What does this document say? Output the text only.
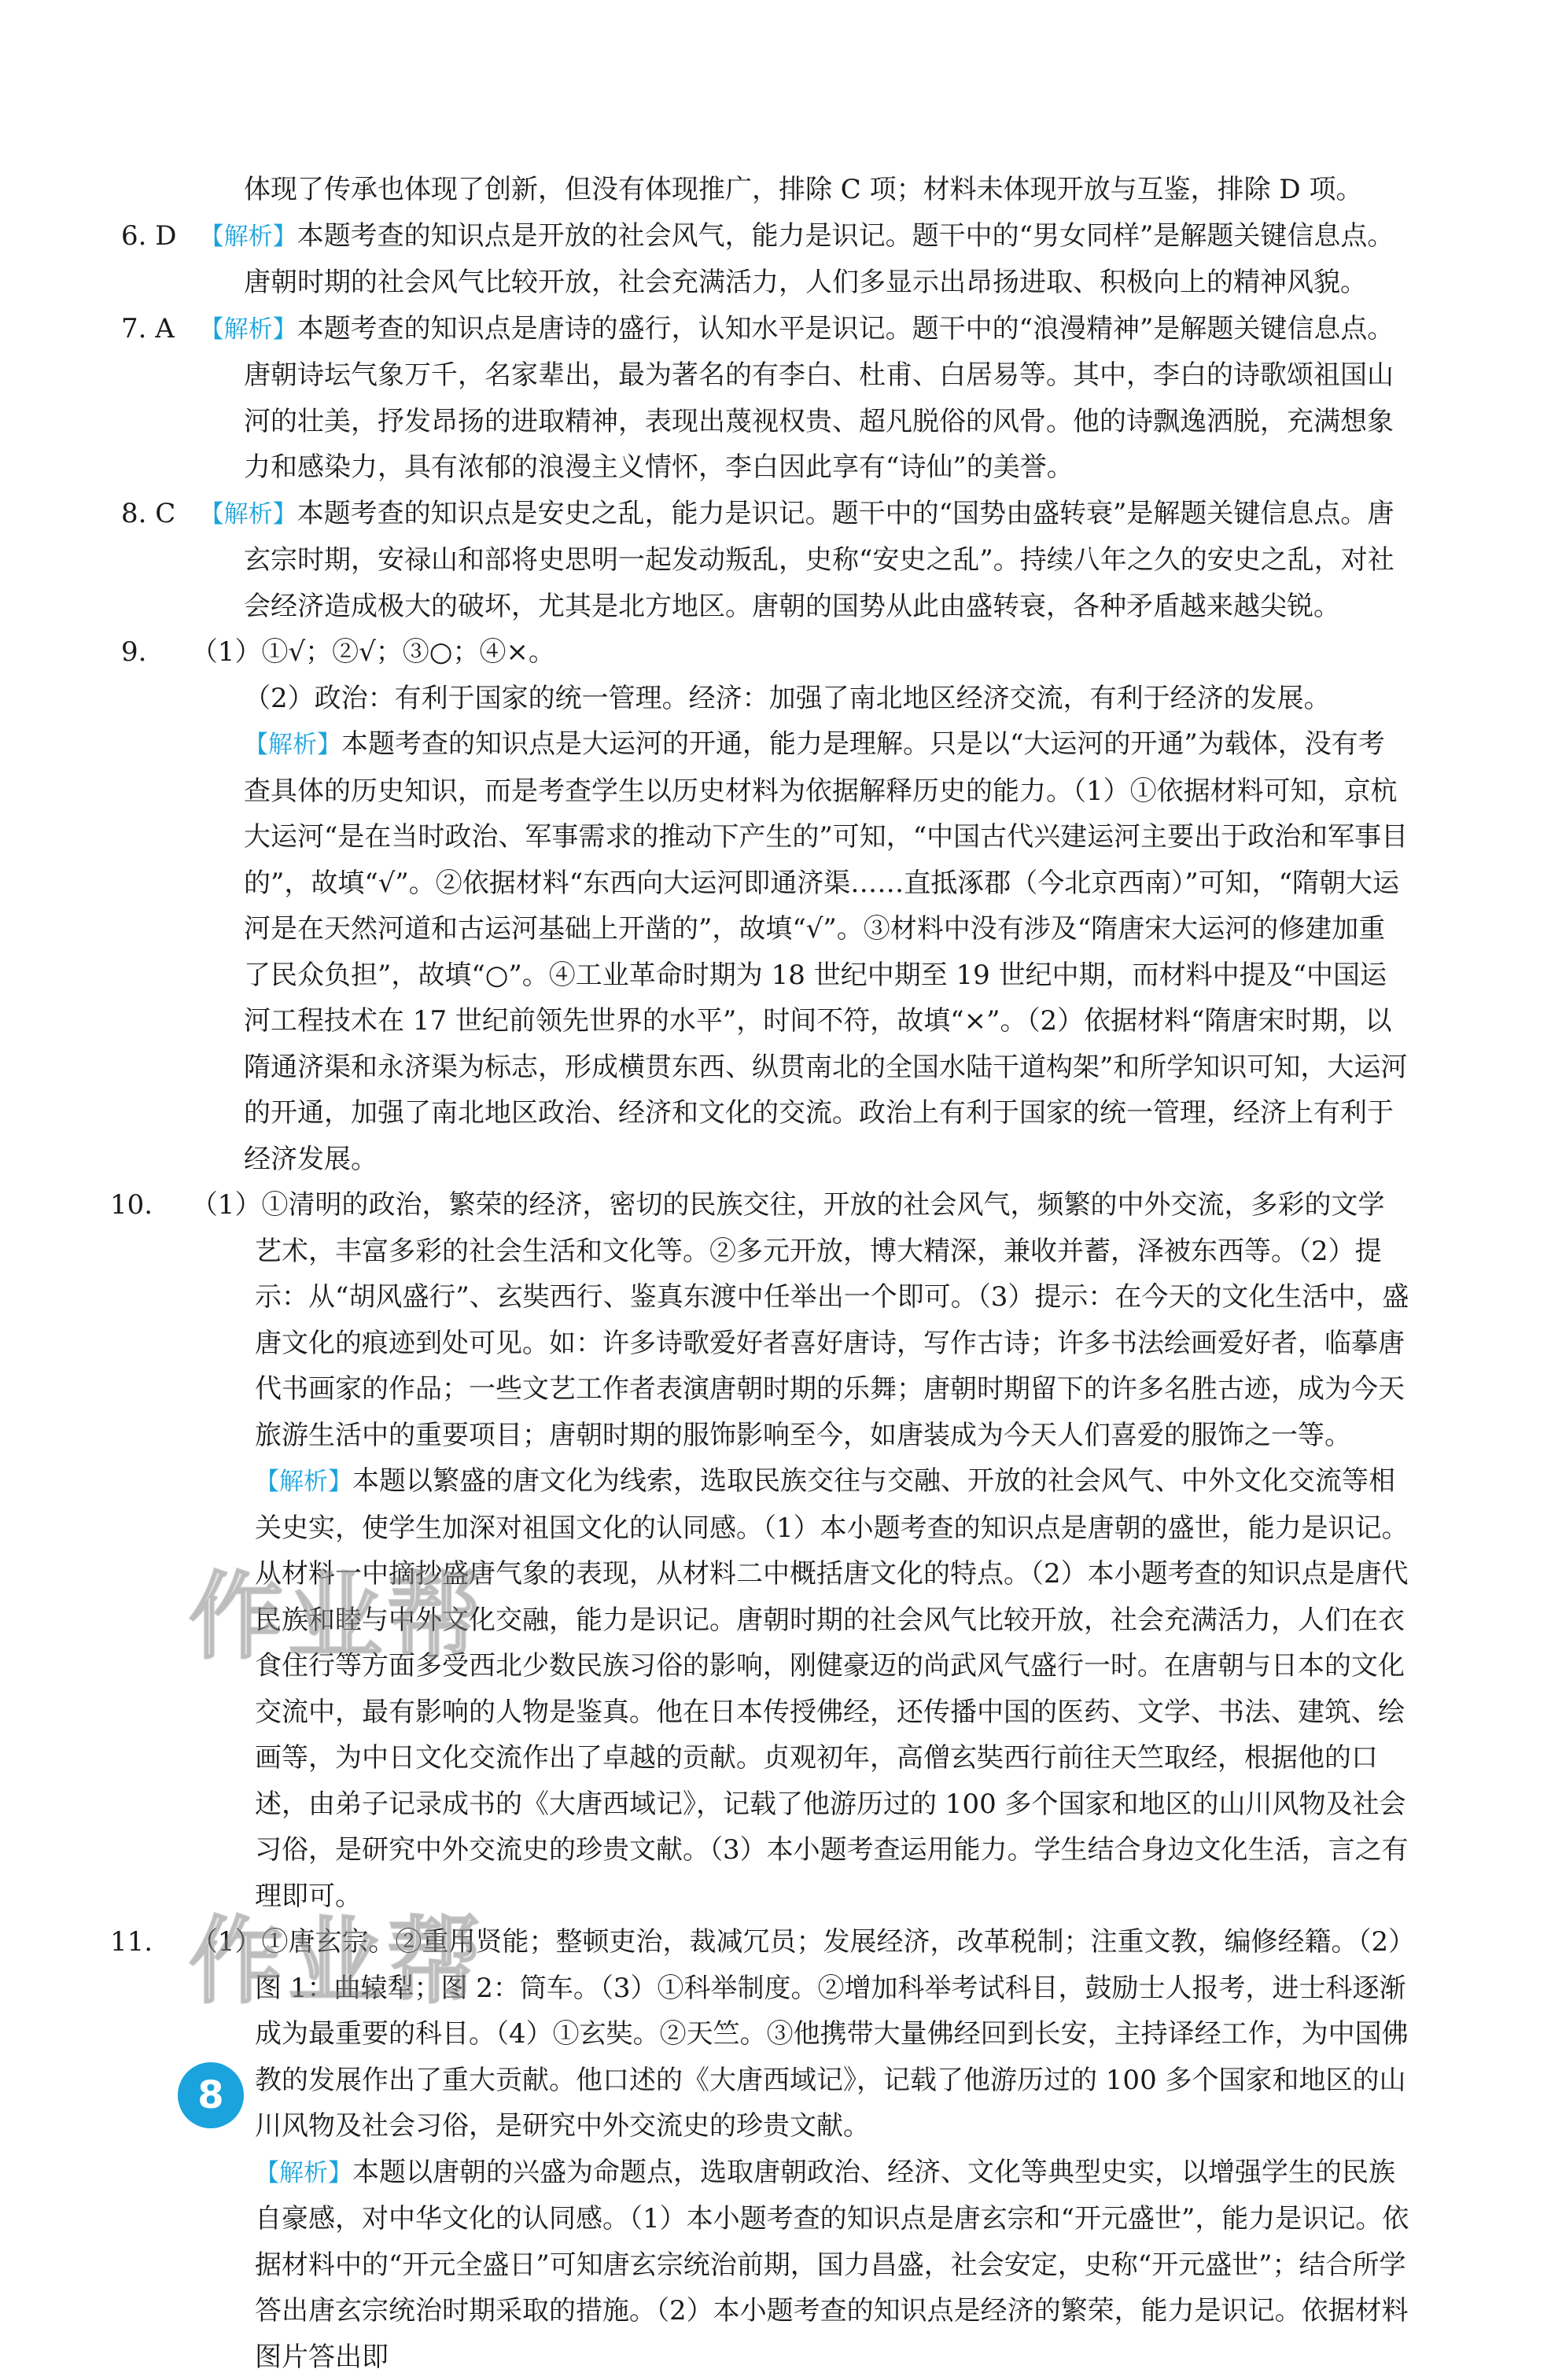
体现了传承也体现了创新，但没有体现推广，排除 C 项；材料未体现开放与互鉴，排除 D 项。

6. D 【解析】本题考查的知识点是开放的社会风气，能力是识记。题干中的“男女同样”是解题关键信息点。唐朝时期的社会风气比较开放，社会充满活力，人们多显示出昂扬进取、积极向上的精神风貌。

7. A 【解析】本题考查的知识点是唐诗的盛行，认知水平是识记。题干中的“浪漫精神”是解题关键信息点。唐朝诗坛气象万千，名家辈出，最为著名的有李白、杜甫、白居易等。其中，李白的诗歌颂祖国山河的壮美，抒发昂扬的进取精神，表现出蔑视权贵、超凡脱俗的风骨。他的诗飘逸洒脱，充满想象力和感染力，具有浓郁的浪漫主义情怀，李白因此享有“诗仙”的美誉。

8. C 【解析】本题考查的知识点是安史之乱，能力是识记。题干中的“国势由盛转衰”是解题关键信息点。唐玄宗时期，安禄山和部将史思明一起发动叛乱，史称“安史之乱”。持续八年之久的安史之乱，对社会经济造成极大的破坏，尤其是北方地区。唐朝的国势从此由盛转衰，各种矛盾越来越尖锐。

9. （1）①√；②√；③○；④×。

（2）政治：有利于国家的统一管理。经济：加强了南北地区经济交流，有利于经济的发展。

【解析】本题考查的知识点是大运河的开通，能力是理解。只是以“大运河的开通”为载体，没有考查具体的历史知识，而是考查学生以历史材料为依据解释历史的能力。（1）①依据材料可知，京杭大运河“是在当时政治、军事需求的推动下产生的”可知，“中国古代兴建运河主要出于政治和军事目的”，故填“√”。②依据材料“东西向大运河即通济渠……直抵涿郡（今北京西南）”可知，“隋朝大运河是在天然河道和古运河基础上开凿的”，故填“√”。③材料中没有涉及“隋唐宋大运河的修建加重了民众负担”，故填“○”。④工业革命时期为 18 世纪中期至 19 世纪中期，而材料中提及“中国运河工程技术在 17 世纪前领先世界的水平”，时间不符，故填“×”。（2）依据材料“隋唐宋时期，以隋通济渠和永济渠为标志，形成横贯东西、纵贯南北的全国水陆干道构架”和所学知识可知，大运河的开通，加强了南北地区政治、经济和文化的交流。政治上有利于国家的统一管理，经济上有利于经济发展。

10. （1）①清明的政治，繁荣的经济，密切的民族交往，开放的社会风气，频繁的中外交流，多彩的文学艺术，丰富多彩的社会生活和文化等。②多元开放，博大精深，兼收并蓄，泽被东西等。（2）提示：从“胡风盛行”、玄奘西行、鉴真东渡中任举出一个即可。（3）提示：在今天的文化生活中，盛唐文化的痕迹到处可见。如：许多诗歌爱好者喜好唐诗，写作古诗；许多书法绘画爱好者，临摹唐代书画家的作品；一些文艺工作者表演唐朝时期的乐舞；唐朝时期留下的许多名胜古迹，成为今天旅游生活中的重要项目；唐朝时期的服饰影响至今，如唐装成为今天人们喜爱的服饰之一等。

【解析】本题以繁盛的唐文化为线索，选取民族交往与交融、开放的社会风气、中外文化交流等相关史实，使学生加深对祖国文化的认同感。（1）本小题考查的知识点是唐朝的盛世，能力是识记。从材料一中摘抄盛唐气象的表现，从材料二中概括唐文化的特点。（2）本小题考查的知识点是唐代民族和睦与中外文化交融，能力是识记。唐朝时期的社会风气比较开放，社会充满活力，人们在衣食住行等方面多受西北少数民族习俗的影响，刚健豪迈的尚武风气盛行一时。在唐朝与日本的文化交流中，最有影响的人物是鉴真。他在日本传授佛经，还传播中国的医药、文学、书法、建筑、绘画等，为中日文化交流作出了卓越的贡献。贞观初年，高僧玄奘西行前往天竺取经，根据他的口述，由弟子记录成书的《大唐西域记》，记载了他游历过的 100 多个国家和地区的山川风物及社会习俗，是研究中外交流史的珍贵文献。（3）本小题考查运用能力。学生结合身边文化生活，言之有理即可。

11. （1）①唐玄宗。②重用贤能；整顿吏治，裁减冗员；发展经济，改革税制；注重文教，编修经籍。（2）图 1：曲辕犁；图 2：筒车。（3）①科举制度。②增加科举考试科目，鼓励士人报考，进士科逐渐成为最重要的科目。（4）①玄奘。②天竺。③他携带大量佛经回到长安，主持译经工作，为中国佛教的发展作出了重大贡献。他口述的《大唐西域记》，记载了他游历过的 100 多个国家和地区的山川风物及社会习俗，是研究中外交流史的珍贵文献。

【解析】本题以唐朝的兴盛为命题点，选取唐朝政治、经济、文化等典型史实，以增强学生的民族自豪感，对中华文化的认同感。（1）本小题考查的知识点是唐玄宗和“开元盛世”，能力是识记。依据材料中的“开元全盛日”可知唐玄宗统治前期，国力昌盛，社会安定，史称“开元盛世”；结合所学答出唐玄宗统治时期采取的措施。（2）本小题考查的知识点是经济的繁荣，能力是识记。依据材料图片答出即

作业帮
作业帮
8
